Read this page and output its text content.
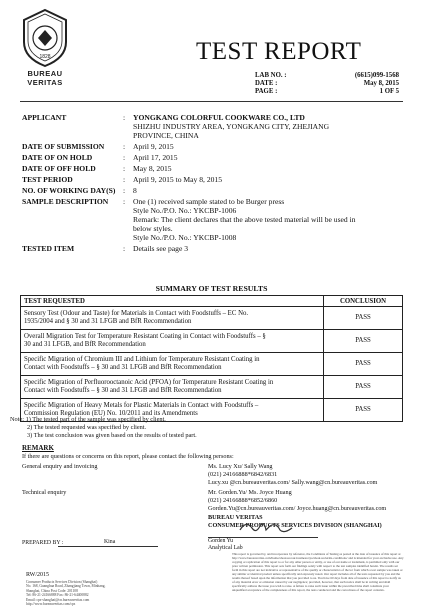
1828
BUREAU
VERITAS
TEST REPORT
LAB NO. :	(6615)099-1568
DATE :	May 8, 2015
PAGE :	1 OF 5
APPLICANT	: YONGKANG COLORFUL COOKWARE CO., LTD
SHIZHU INDUSTRY AREA, YONGKANG CITY, ZHEJIANG PROVINCE, CHINA
DATE OF SUBMISSION : April 9, 2015
DATE OF ON HOLD	: April 17, 2015
DATE OF OFF HOLD	: May 8, 2015
TEST PERIOD	: April 9, 2015 to May 8, 2015
NO. OF WORKING DAY(S) : 8
SAMPLE DESCRIPTION : One (1) received sample stated to be Burger press
Style No./P.O. No.: YKCBP-1006
Remark: The client declares that the above tested material will be used in
below styles.
Style No./P.O. No.: YKCBP-1008
TESTED ITEM	: Details see page 3
SUMMARY OF TEST RESULTS
TEST REQUESTED	CONCLUSION
Sensory Test (Odour and Taste) for Materials in Contact with Foodstuffs – EC No.
1935/2004 and § 30 and 31 LFGB and BfR Recommendation	PASS
Overall Migration Test for Temperature Resistant Coating in Contact with Foodstuffs – §
30 and 31 LFGB, and BfR Recommendation	PASS
Specific Migration of Chromium III and Lithium for Temperature Resistant Coating in
Contact with Foodstuffs – § 30 and 31 LFGB and BfR Recommendation	PASS
Specific Migration of Perfluorooctanoic Acid (PFOA) for Temperature Resistant Coating in
Contact with Foodstuffs – § 30 and 31 LFGB and BfR Recommendation	PASS
Specific Migration of Heavy Metals for Plastic Materials in Contact with Foodstuffs –
Commission Regulation (EU) No. 10/2011 and its Amendments	PASS
Note: 1) The tested part of the sample was specified by client.
2) The tested requested was specified by client.
3) The test conclusion was given based on the results of tested part.
REMARK
If there are questions or concerns on this report, please contact the following persons:
General enquiry and invoicing	Ms. Lucy Xu/ Sally Wang
(021) 24166888*6842/6831
Lucy.xu @cn.bureauveritas.com/ Sally.wang@cn.bureauveritas.com
Technical enquiry	Mr. Gorden.Yu/ Ms. Joyce Huang
(021) 24166888*6852/6860
Gorden.Yu@cn.bureauveritas.com/ Joyce.huang@cn.bureauveritas.com
BUREAU VERITAS
CONSUMER PRODUCTS SERVICES DIVISION (SHANGHAI)
PREPARED BY :	Kina	Gorden Yu
Analytical Lab
RW/2015
Consumer Products Services Division (Shanghai)
No. 168, Guanghua Road, Zhangjiang Town, Minhang,
Shanghai, China Post Code: 201108
Tel: 86-21-24166888 Fax: 86-21-64400882
Email: cps-shanghai@cn.bureauveritas.com
http://www.bureauveritas.com/cps
This report is governed by, and incorporates by reference, the Conditions of Testing as posted at the date of issuance of this report at http://www.bureauveritas.com/home/about-us/our-business/cps/about-us/terms-conditions/ and is intended for your exclusive use. Any copying or replication of this report to or for any other person or entity, or use of our name or trademark, is permitted only with our prior written permission. This report sets forth our findings solely with respect to the test samples identified herein. The results set forth in this report are not indicative or representative of the quality or characteristics of the lot from which a test sample was taken or any similar or identical product unless specifically and expressly noted. Our report includes all of the tests requested by you and the results thereof based upon the information that you provided to us. You have 60 days from date of issuance of this report to notify us of any material error or omission caused by our negligence; provided, however, that such notice shall be in writing and shall specifically address the issue you wish to raise. A failure to raise such issue within the prescribed time shall constitute your unqualified acceptance of the completeness of this report, the tests conducted and the correctness of the report contents.
